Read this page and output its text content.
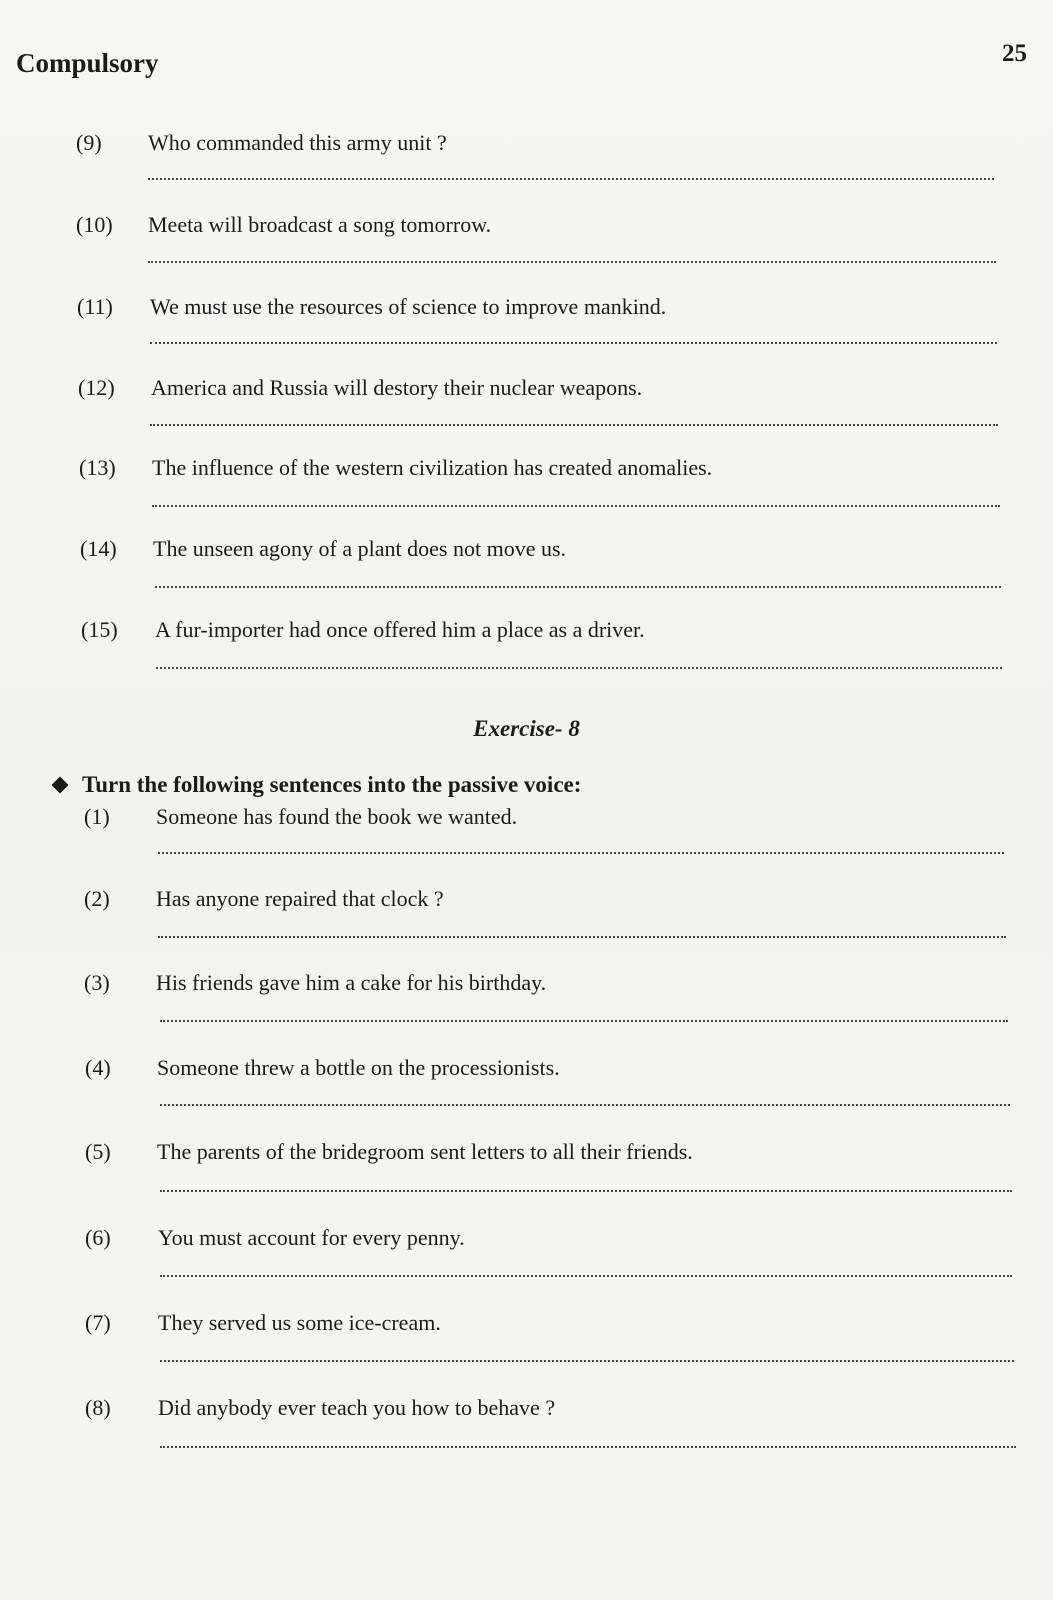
Compulsory	25
(9) Who commanded this army unit ?
(10) Meeta will broadcast a song tomorrow.
(11) We must use the resources of science to improve mankind.
(12) America and Russia will destory their nuclear weapons.
(13) The influence of the western civilization has created anomalies.
(14) The unseen agony of a plant does not move us.
(15) A fur-importer had once offered him a place as a driver.
Exercise- 8
Turn the following sentences into the passive voice:
(1) Someone has found the book we wanted.
(2) Has anyone repaired that clock ?
(3) His friends gave him a cake for his birthday.
(4) Someone threw a bottle on the processionists.
(5) The parents of the bridegroom sent letters to all their friends.
(6) You must account for every penny.
(7) They served us some ice-cream.
(8) Did anybody ever teach you how to behave ?
